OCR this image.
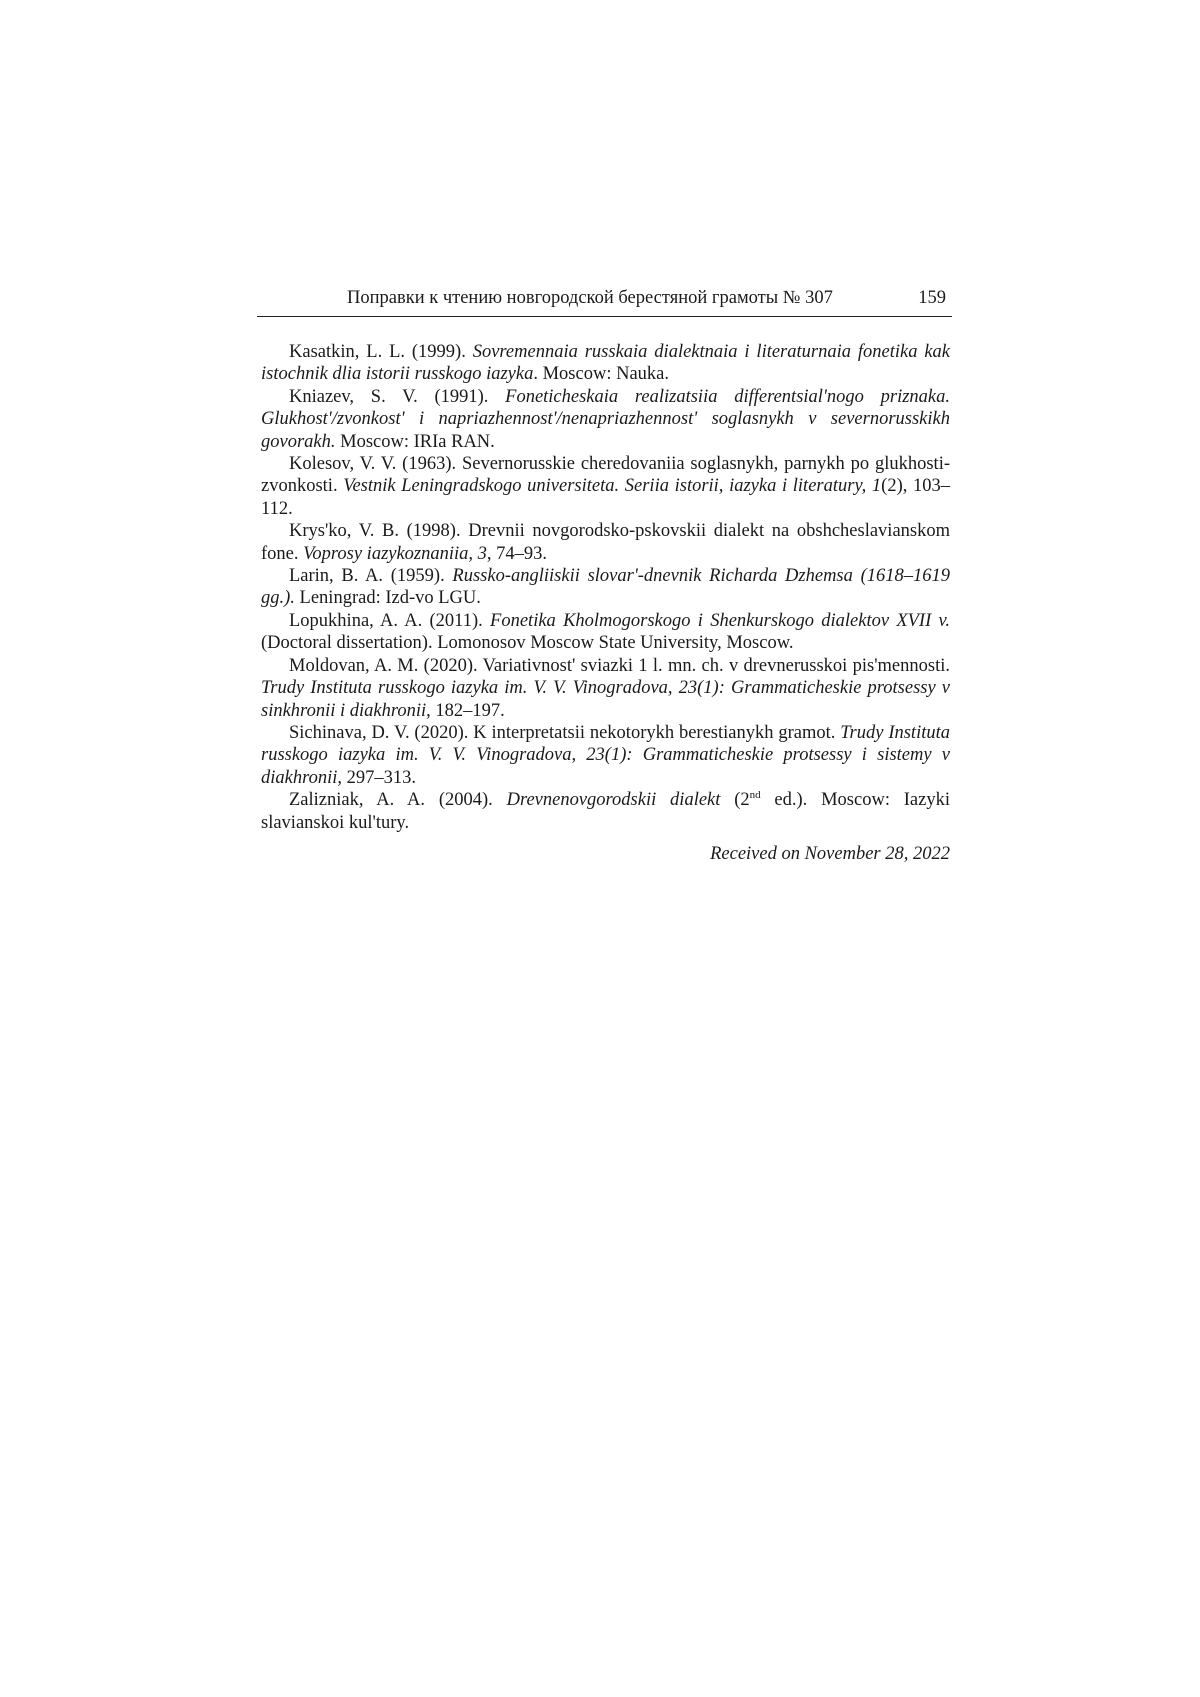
Поправки к чтению новгородской берестяной грамоты № 307	159

Kasatkin, L. L. (1999). Sovremennaia russkaia dialektnaia i literaturnaia fonetika kak istochnik dlia istorii russkogo iazyka. Moscow: Nauka.

Kniazev, S. V. (1991). Foneticheskaia realizatsiia differentsial'nogo priznaka. Glukhost'/zvonkost' i napriazhennost'/nenapriazhennost' soglasnykh v severnorusskikh govorakh. Moscow: IRIa RAN.

Kolesov, V. V. (1963). Severnorusskie cheredovaniia soglasnykh, parnykh po glukhosti-zvonkosti. Vestnik Leningradskogo universiteta. Seriia istorii, iazyka i literatury, 1(2), 103–112.

Krys'ko, V. B. (1998). Drevnii novgorodsko-pskovskii dialekt na obshcheslavianskom fone. Voprosy iazykoznaniia, 3, 74–93.

Larin, B. A. (1959). Russko-angliiskii slovar'-dnevnik Richarda Dzhemsa (1618–1619 gg.). Leningrad: Izd-vo LGU.

Lopukhina, A. A. (2011). Fonetika Kholmogorskogo i Shenkurskogo dialektov XVII v. (Doctoral dissertation). Lomonosov Moscow State University, Moscow.

Moldovan, A. M. (2020). Variativnost' sviazki 1 l. mn. ch. v drevnerusskoi pis'mennosti. Trudy Instituta russkogo iazyka im. V. V. Vinogradova, 23(1): Grammaticheskie protsessy v sinkhronii i diakhronii, 182–197.

Sichinava, D. V. (2020). K interpretatsii nekotorykh berestianykh gramot. Trudy Instituta russkogo iazyka im. V. V. Vinogradova, 23(1): Grammaticheskie protsessy i sistemy v diakhronii, 297–313.

Zalizniak, A. A. (2004). Drevnenovgorodskii dialekt (2nd ed.). Moscow: Iazyki slavianskoi kul'tury.

Received on November 28, 2022
